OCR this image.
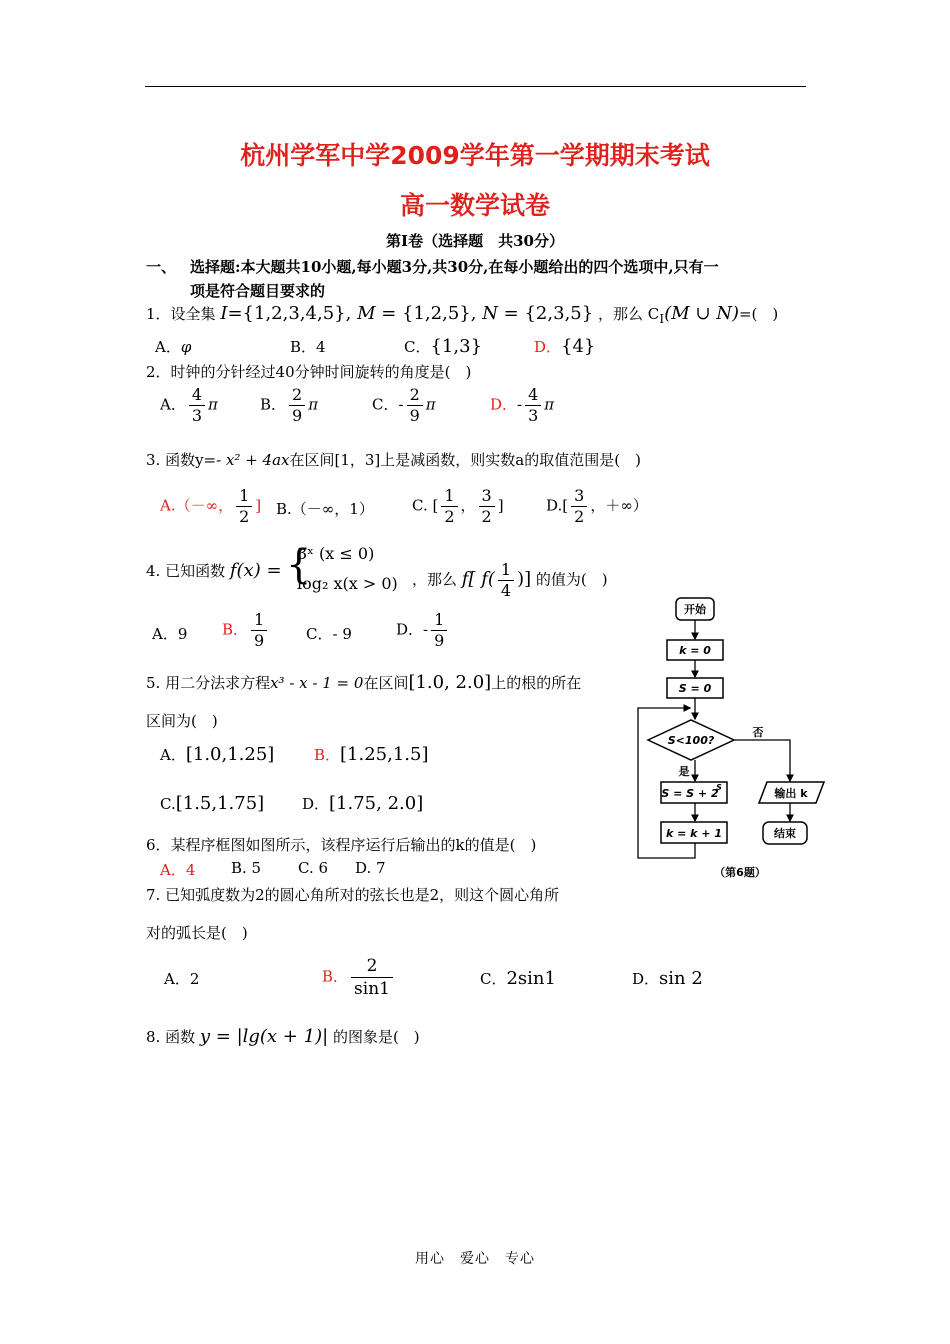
杭州学军中学2009学年第一学期期末考试
高一数学试卷
第Ⅰ卷（选择题　共30分）
一、 选择题:本大题共10小题,每小题3分,共30分,在每小题给出的四个选项中,只有一
项是符合题目要求的
1．设全集 I={1,2,3,4,5}, M = {1,2,5}, N = {2,3,5} ，那么 $C_I(M$ ∪ N)=(　)
A．φ	B．4	C．{1,3}	D．{4}
2．时钟的分针经过40分钟时间旋转的角度是(　)
A． $\frac{4}{3}$ π	B． $\frac{2}{9}$ π	C．- $\frac{2}{9}$ π	D．- $\frac{4}{3}$ π
3. 函数y=- x² + 4ax在区间[1，3]上是减函数，则实数a的取值范围是(　)
A.（－∞， $\frac{1}{2}$ ] B.（－∞，1）	C. [ $\frac{1}{2}$ ， $\frac{3}{2}$ ]	$D.[ \frac{3}{2}$ ，＋∞）
4. 已知函数 f(x) = {
3ˣ (x ≤ 0)
log₂ x(x > 0) ，那么 f[ $f( \frac{1}{4}$ )] 的值为(　)
A．9 B． $\frac{1}{9}$	C．- 9	D．- $\frac{1}{9}$
5. 用二分法求方程x³ - x - 1 = 0在区间[1.0, 2.0]上的根的所在
区间为(　)
A．[1.0,1.25]	B．[1.25,1.5]
C.[1.5,1.75]	D．[1.75, 2.0]
6．某程序框图如图所示，该程序运行后输出的k的值是(　)
A．4 B. 5 C. 6 D. 7
开始
k = 0
S = 0
S<100?
否
是
S = S + 2
S
k = k + 1
输出 k
结束
（第6题）
7. 已知弧度数为2的圆心角所对的弦长也是2，则这个圆心角所
对的弧长是(　)
A．2	B． $\frac{2}{\sin 1}$	C．2sin1	D．sin 2
8. 函数 y = |lg(x + 1)| 的图象是(　)
用心　爱心　专心
